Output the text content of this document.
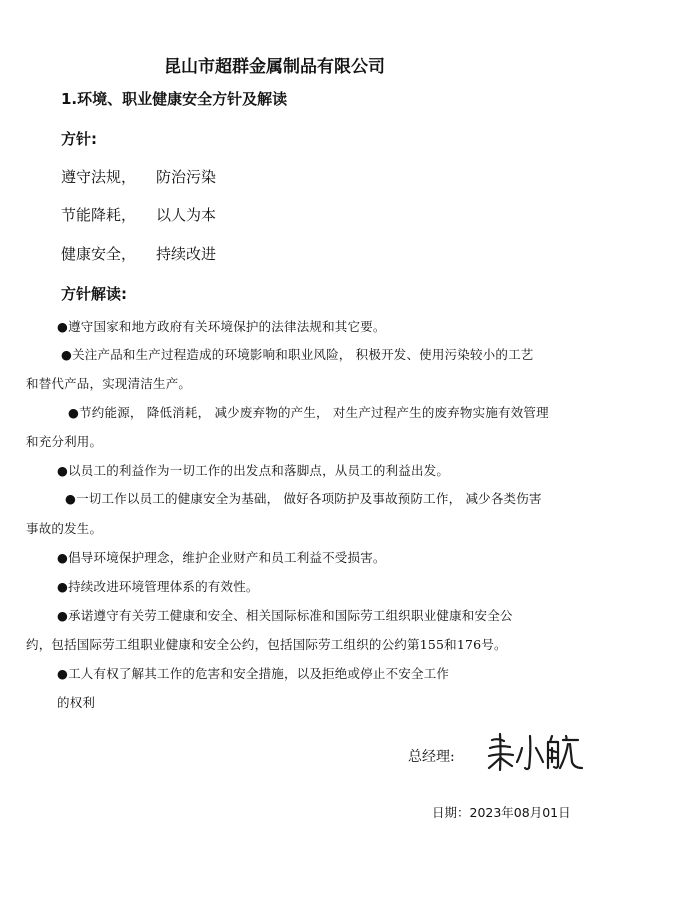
昆山市超群金属制品有限公司
1.环境、职业健康安全方针及解读
方针:
遵守法规， 防治污染
节能降耗， 以人为本
健康安全， 持续改进
方针解读:
●遵守国家和地方政府有关环境保护的法律法规和其它要。
●关注产品和生产过程造成的环境影响和职业风险， 积极开发、使用污染较小的工艺
和替代产品，实现清洁生产。
●节约能源， 降低消耗， 减少废弃物的产生， 对生产过程产生的废弃物实施有效管理
和充分利用。
●以员工的利益作为一切工作的出发点和落脚点，从员工的利益出发。
●一切工作以员工的健康安全为基础， 做好各项防护及事故预防工作， 减少各类伤害
事故的发生。
●倡导环境保护理念，维护企业财产和员工利益不受损害。
●持续改进环境管理体系的有效性。
●承诺遵守有关劳工健康和安全、相关国际标准和国际劳工组织职业健康和安全公
约，包括国际劳工组职业健康和安全公约，包括国际劳工组织的公约第155和176号。
●工人有权了解其工作的危害和安全措施，以及拒绝或停止不安全工作
的权利
总经理:
日期：2023年08月01日
